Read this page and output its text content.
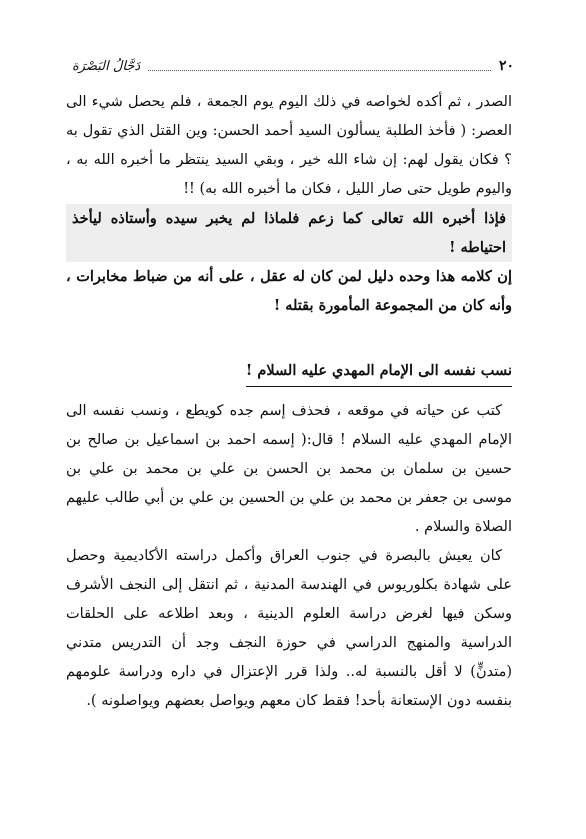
٢٠
دَجَّالُ البَصْرَة

الصدر ، ثم أكده لخواصه في ذلك اليوم يوم الجمعة ، فلم يحصل شيء الى العصر: ( فأخذ الطلبة يسألون السيد أحمد الحسن: وين القتل الذي تقول به ؟ فكان يقول لهم: إن شاء الله خير ، وبقي السيد ينتظر ما أخبره الله به ، واليوم طويل حتى صار الليل ، فكان ما أخبره الله به) !!

فإذا أخبره الله تعالى كما زعم فلماذا لم يخبر سيده وأستاذه ليأخذ احتياطه !

إن كلامه هذا وحده دليل لمن كان له عقل ، على أنه من ضباط مخابرات ، وأنه كان من المجموعة المأمورة بقتله !

نسب نفسه الى الإمام المهدي عليه السلام !

كتب عن حياته في موقعه ، فحذف إسم جده كويطع ، ونسب نفسه الى الإمام المهدي عليه السلام ! قال:( إسمه احمد بن اسماعيل بن صالح بن حسين بن سلمان بن محمد بن الحسن بن علي بن محمد بن علي بن موسى بن جعفر بن محمد بن علي بن الحسين بن علي بن أبي طالب عليهم الصلاة والسلام .

كان يعيش بالبصرة في جنوب العراق وأكمل دراسته الأكاديمية وحصل على شهادة بكلوريوس في الهندسة المدنية ، ثم انتقل إلى النجف الأشرف وسكن فيها لغرض دراسة العلوم الدينية ، وبعد اطلاعه على الحلقات الدراسية والمنهج الدراسي في حوزة النجف وجد أن التدريس متدني (متدنٍّ) لا أقل بالنسبة له.. ولذا قرر الإعتزال في داره ودراسة علومهم بنفسه دون الإستعانة بأحد! فقط كان معهم ويواصل بعضهم ويواصلونه ).
